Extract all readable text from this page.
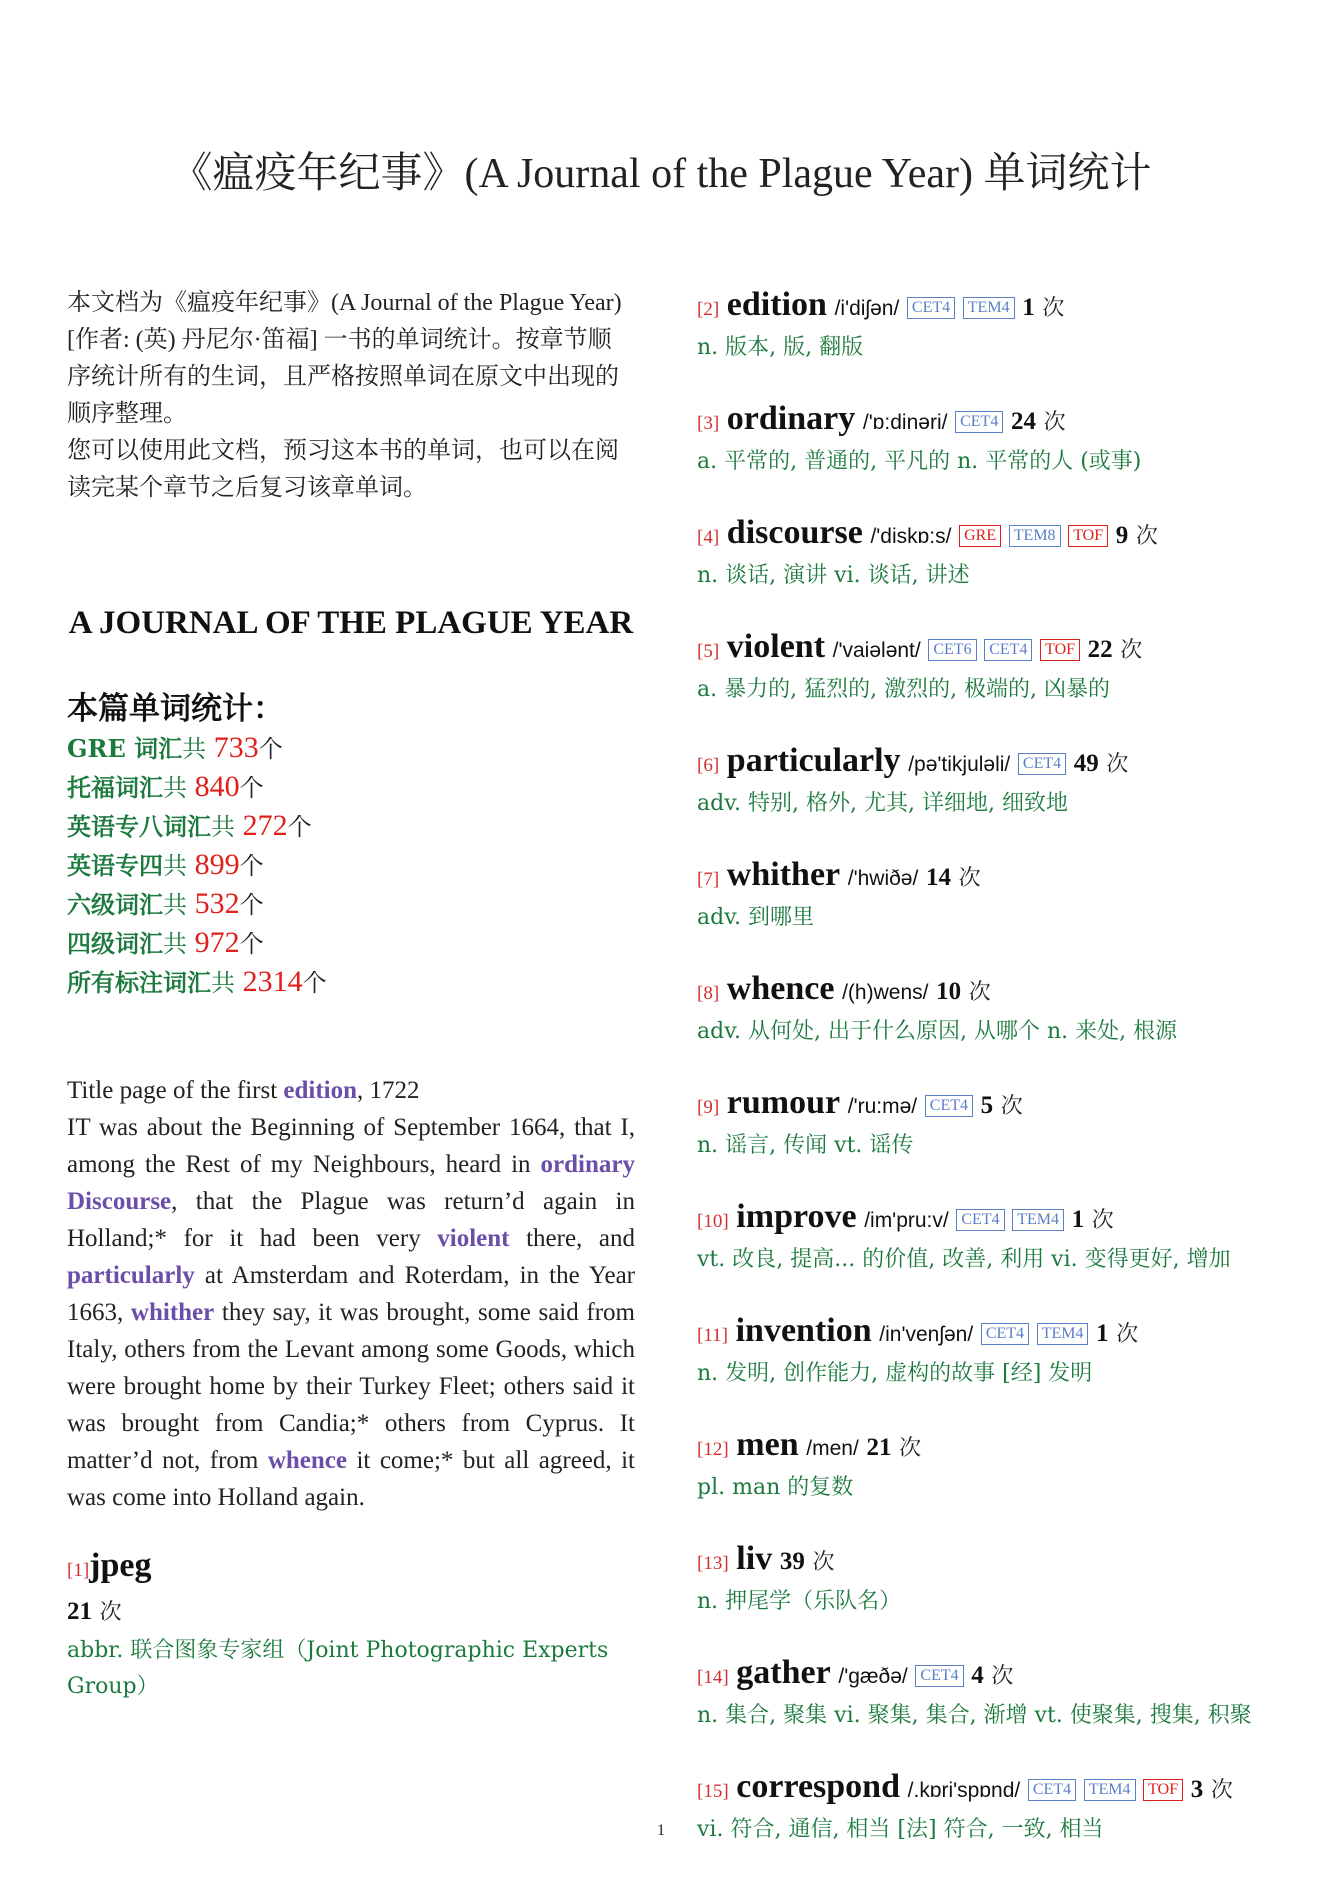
《瘟疫年纪事》(A Journal of the Plague Year) 单词统计

本文档为《瘟疫年纪事》(A Journal of the Plague Year)[作者: (英) 丹尼尔·笛福] 一书的单词统计。按章节顺序统计所有的生词，且严格按照单词在原文中出现的顺序整理。

您可以使用此文档，预习这本书的单词，也可以在阅读完某个章节之后复习该章单词。

A JOURNAL OF THE PLAGUE YEAR
本篇单词统计：
GRE 词汇共 733个
托福词汇共 840个
英语专八词汇共 272个
英语专四共 899个
六级词汇共 532个
四级词汇共 972个
所有标注词汇共 2314个
Title page of the first edition, 1722
IT was about the Beginning of September 1664, that I, among the Rest of my Neighbours, heard in ordinary Discourse, that the Plague was return’d again in Holland;* for it had been very violent there, and particularly at Amsterdam and Roterdam, in the Year 1663, whither they say, it was brought, some said from Italy, others from the Levant among some Goods, which were brought home by their Turkey Fleet; others said it was brought from Candia;* others from Cyprus. It matter’d not, from whence it come;* but all agreed, it was come into Holland again.
[1]jpeg
21 次
abbr. 联合图象专家组（Joint Photographic Experts Group）
[2] edition /i'diʃən/ CET4 TEM4 1 次
n. 版本, 版, 翻版
[3] ordinary /'ɒ:dinəri/ CET4 24 次
a. 平常的, 普通的, 平凡的 n. 平常的人 (或事)
[4] discourse /'diskɒ:s/ GRE TEM8 TOF 9 次
n. 谈话, 演讲 vi. 谈话, 讲述
[5] violent /'vaiələnt/ CET6 CET4 TOF 22 次
a. 暴力的, 猛烈的, 激烈的, 极端的, 凶暴的
[6] particularly /pə'tikjuləli/ CET4 49 次
adv. 特别, 格外, 尤其, 详细地, 细致地
[7] whither /'hwiðə/ 14 次
adv. 到哪里
[8] whence /(h)wens/ 10 次
adv. 从何处, 出于什么原因, 从哪个 n. 来处, 根源
[9] rumour /'ru:mə/ CET4 5 次
n. 谣言, 传闻 vt. 谣传
[10] improve /im'pru:v/ CET4 TEM4 1 次
vt. 改良, 提高... 的价值, 改善, 利用 vi. 变得更好, 增加
[11] invention /in'venʃən/ CET4 TEM4 1 次
n. 发明, 创作能力, 虚构的故事 [经] 发明
[12] men /men/ 21 次
pl. man 的复数
[13] liv 39 次
n. 押尾学（乐队名）
[14] gather /'gæðə/ CET4 4 次
n. 集合, 聚集 vi. 聚集, 集合, 渐增 vt. 使聚集, 搜集, 积聚
[15] correspond /.kɒri'spɒnd/ CET4 TEM4 TOF 3 次
vi. 符合, 通信, 相当 [法] 符合, 一致, 相当
1
